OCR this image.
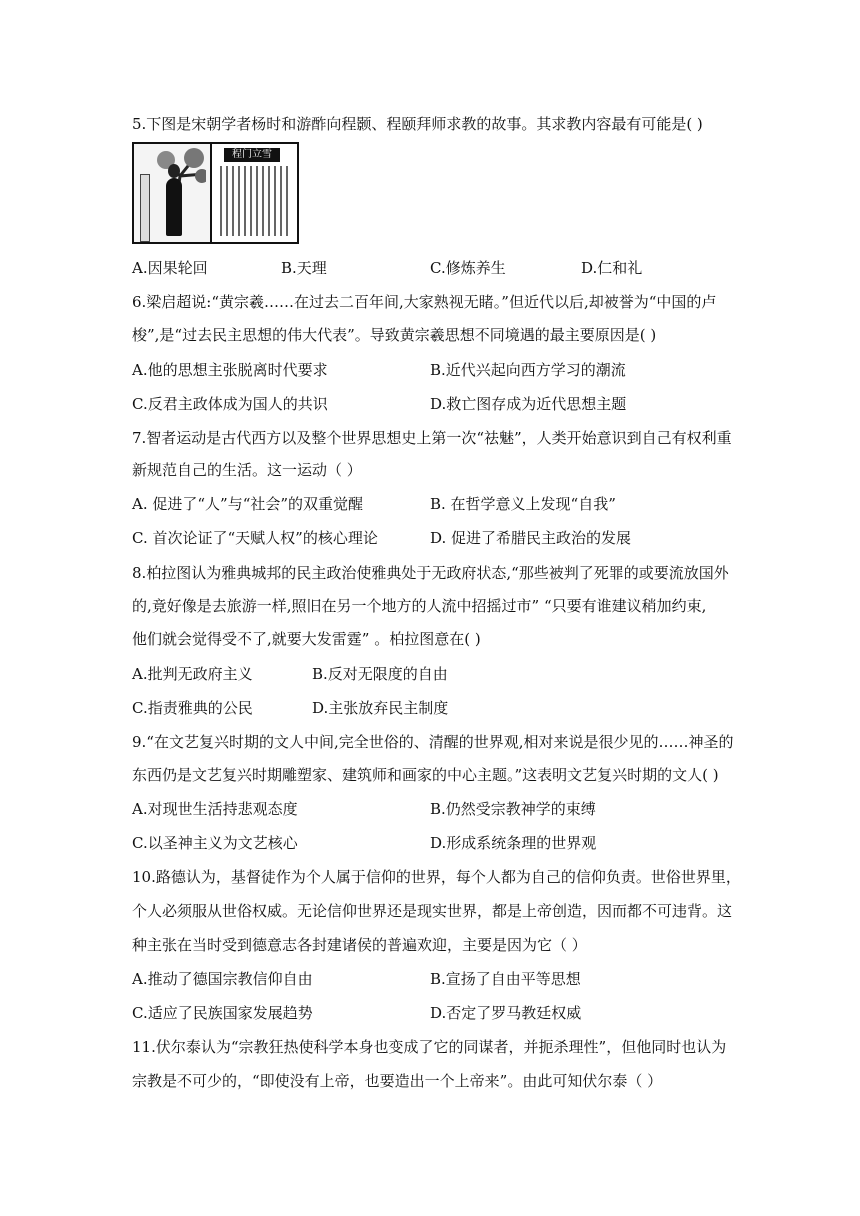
5.下图是宋朝学者杨时和游酢向程颢、程颐拜师求教的故事。其求教内容最有可能是( )
程门立雪
A.因果轮回	B.天理	C.修炼养生	D.仁和礼
6.梁启超说:“黄宗羲……在过去二百年间,大家熟视无睹。”但近代以后,却被誉为“中国的卢
梭”,是“过去民主思想的伟大代表”。导致黄宗羲思想不同境遇的最主要原因是( )
A.他的思想主张脱离时代要求	B.近代兴起向西方学习的潮流
C.反君主政体成为国人的共识	D.救亡图存成为近代思想主题
7.智者运动是古代西方以及整个世界思想史上第一次“祛魅”，人类开始意识到自己有权利重
新规范自己的生活。这一运动（ ）
A. 促进了“人”与“社会”的双重觉醒	B. 在哲学意义上发现“自我”
C. 首次论证了“天赋人权”的核心理论	D. 促进了希腊民主政治的发展
8.柏拉图认为雅典城邦的民主政治使雅典处于无政府状态,“那些被判了死罪的或要流放国外
的,竟好像是去旅游一样,照旧在另一个地方的人流中招摇过市” “只要有谁建议稍加约束,
他们就会觉得受不了,就要大发雷霆” 。柏拉图意在( )
A.批判无政府主义	B.反对无限度的自由
C.指责雅典的公民	D.主张放弃民主制度
9.“在文艺复兴时期的文人中间,完全世俗的、清醒的世界观,相对来说是很少见的……神圣的
东西仍是文艺复兴时期雕塑家、建筑师和画家的中心主题。”这表明文艺复兴时期的文人( )
A.对现世生活持悲观态度	B.仍然受宗教神学的束缚
C.以圣神主义为文艺核心	D.形成系统条理的世界观
10.路德认为，基督徒作为个人属于信仰的世界，每个人都为自己的信仰负责。世俗世界里，
个人必须服从世俗权威。无论信仰世界还是现实世界，都是上帝创造，因而都不可违背。这
种主张在当时受到德意志各封建诸侯的普遍欢迎，主要是因为它（ ）
A.推动了德国宗教信仰自由	B.宣扬了自由平等思想
C.适应了民族国家发展趋势	D.否定了罗马教廷权威
11.伏尔泰认为“宗教狂热使科学本身也变成了它的同谋者，并扼杀理性”，但他同时也认为
宗教是不可少的，“即使没有上帝，也要造出一个上帝来”。由此可知伏尔泰（ ）
